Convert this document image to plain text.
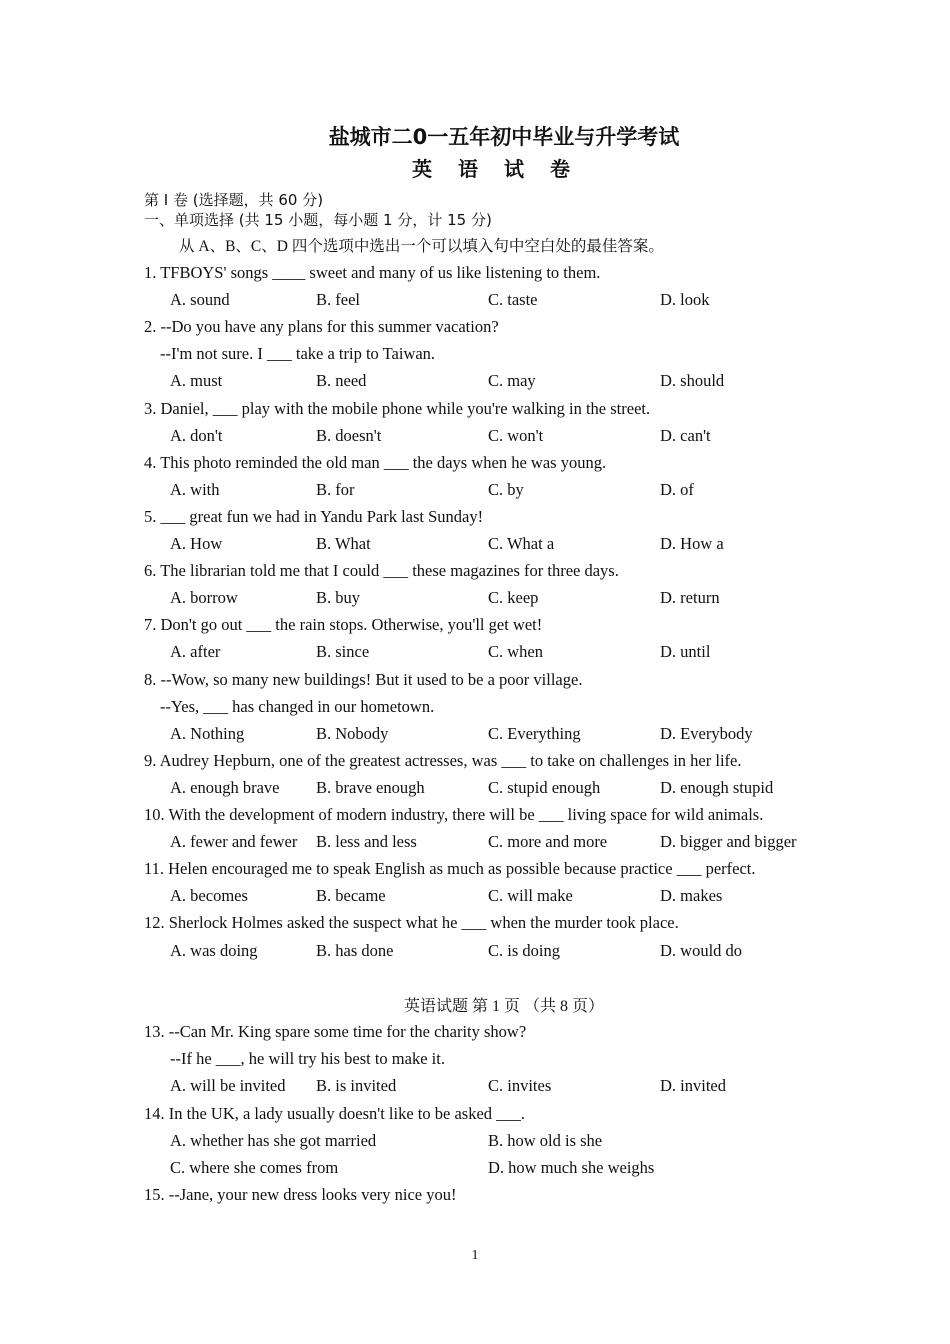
盐城市二0一五年初中毕业与升学考试
英语试卷
第 I 卷 (选择题，共 60 分)
一、单项选择 (共 15 小题，每小题 1 分，计 15 分)
从 A、B、C、D 四个选项中选出一个可以填入句中空白处的最佳答案。
1. TFBOYS' songs ____ sweet and many of us like listening to them.
A. sound	B. feel	C. taste	D. look
2. --Do you have any plans for this summer vacation?
--I'm not sure. I ___ take a trip to Taiwan.
A. must	B. need	C. may	D. should
3. Daniel, ___ play with the mobile phone while you're walking in the street.
A. don't	B. doesn't	C. won't	D. can't
4. This photo reminded the old man ___ the days when he was young.
A. with	B. for	C. by	D. of
5. ___ great fun we had in Yandu Park last Sunday!
A. How	B. What	C. What a	D. How a
6. The librarian told me that I could ___ these magazines for three days.
A. borrow	B. buy	C. keep	D. return
7. Don't go out ___ the rain stops. Otherwise, you'll get wet!
A. after	B. since	C. when	D. until
8. --Wow, so many new buildings! But it used to be a poor village.
--Yes, ___ has changed in our hometown.
A. Nothing	B. Nobody	C. Everything	D. Everybody
9. Audrey Hepburn, one of the greatest actresses, was ___ to take on challenges in her life.
A. enough brave B. brave enough	C. stupid enough	D. enough stupid
10. With the development of modern industry, there will be ___ living space for wild animals.
A. fewer and fewer B. less and less	C. more and more	D. bigger and bigger
11. Helen encouraged me to speak English as much as possible because practice ___ perfect.
A. becomes	B. became	C. will make	D. makes
12. Sherlock Holmes asked the suspect what he ___ when the murder took place.
A. was doing	B. has done	C. is doing	D. would do
英语试题 第 1 页 （共 8 页）
13. --Can Mr. King spare some time for the charity show?
--If he ___, he will try his best to make it.
A. will be invited B. is invited	C. invites	D. invited
14. In the UK, a lady usually doesn't like to be asked ___.
A. whether has she got married	B. how old is she
C. where she comes from	D. how much she weighs
15. --Jane, your new dress looks very nice you!
1
